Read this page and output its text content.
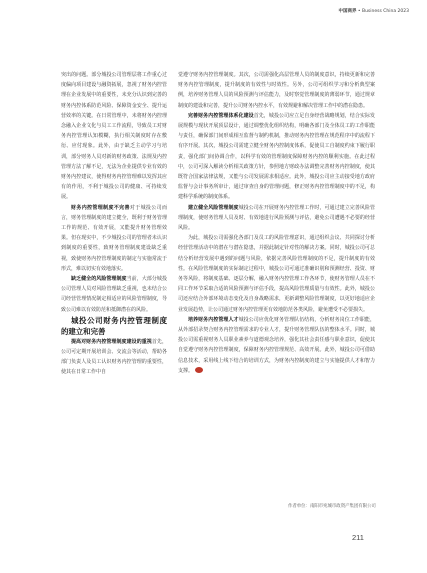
中国商界 • Business China 2023

突出的问题。部分城投公司管理层将工作重心过度偏向项目建设与融资拓展，忽视了财务内控管理在企业发展中的重要性，未充分认识到完善的财务内控体系防范风险、保障资金安全、提升运营效率的关键。在日常管理中，未将财务内控理念融入企业文化与员工工作流程，导致员工对财务内控管理认知模糊，执行相关制度时存在敷衍、应付现象。此外，由于缺乏主动学习与培训，部分财务人员对新的财务政策、法规及内控管理方法了解不足，无法为企业提供专业有效的财务内控建议，使得财务内控管理难以发挥其应有的作用，不利于城投公司的健康、可持续发展。

财务内控管理制度不完善对于城投公司而言，财务管理制度的建立健全，既利于财务管理工作的规范、有效开展，又能提升财务管理效果。但在现实中，不少城投公司的管理者未认识到制度的重要性，致财务管理制度建设缺乏重视，致使财务内控管理制度的制定与实施常流于形式，难以切实有效地落实。

缺乏健全的风险管理制度当前，大部分城投公司管理人员对风险管理缺乏重视，也未结合公司经营管理情况制定相适应的风险管理制度，导致公司难以有效防范和抵御潜在的风险。

城投公司财务内控管理制度的建立和完善

提高对财务内控管理制度建设的重视首先，公司可定期开展培训会、交流会等活动，帮助各部门负责人及员工认识财务内控管理的重要性，使其在日常工作中自

觉遵守财务内控管理制度。其次，公司需强化高层管理人员的制度意识，持续更新和完善财务内控管理制度，提升制度的有效性与时效性。另外，公司可组织学习和分析典型案例，培养财务管理人员的风险预测与评估能力，及时察觉管理制度的薄弱环节，通过规章制度的建设和完善，提升公司财务内控水平，有效规避和解决管理工作中的潜在隐患。

完善财务内控管理体系化建设首先，城投公司应立足自身经营战略规划，结合实际发展规模与现状开展顶层设计，通过调整优化组织结构，明确各部门及全体员工的工作职能与责任，确保部门间形成相互监督与制约机制，推动财务内控管理在规范程序中的流程下有序开展。其次，城投公司需建立健全财务内控制度体系，促使员工自制度约束下履行职责，强化部门间协调合作，以科学有效的管理制度保障财务内控的顺利实施。在此过程中，公司可深入解读分析相关政策方针，参照地方财政办法调整完善财务内控制度，使其既符合国家法律法规，又能与公司发展需求相适应。此外，城投公司应主动接受地方政府监督与会计事务所审计，通过审查自身的管理问题，修正财务内控管理制度中的不足，构建科学系统的制度体系。

建立健全风险管理制度城投公司在开展财务内控管理工作时，可通过建立完善风险管理制度，使财务管理人员及时、有效地进行风险预测与评估，避免公司遭遇不必要的经营风险。

为此，城投公司需强化各部门及员工的风险管理意识，通过组织会议、共同探讨分析经营管理活动中的潜在与潜在隐患，并据此制定针对性的解决方案。同时，城投公司可总结分析经营发展中遇到的问题与风险，依据完善风险管理制度的不足，提升制度的有效性。在风险管理制度的实际制定过程中，城投公司可通过准确识别和预测经营、投资、财务等风险，将制度基础、逐层分解，融入财务内控管理工作各环节，使财务管理人员在不同工作环节采取合适的风险预测与评估手段，提高风险管理质量与有效性。此外，城投公司还应结合外部环境动态变化及自身战略需求，更新调整风险管理制度，以更好地适应企业发展趋势，让公司通过财务内控管理更有效地防范各类风险，避免遭受不必要损失。

培养财务内控管理人才城投公司应优化财务管理队伍结构，分析财务岗位工作职能，从外部招录契合财务内控管理需求的专业人才，提升财务管理队伍的整体水平。同时，城投公司需重视财务人员职业素养与道德观念培养，强化其社会责任感与职业意识，促使其自觉遵守财务内控管理制度，保障财务内控管理规范、高效开展。此外，城投公司可借助信息技术，采用线上线下结合的培训方式，为财务内控制度的建立与实施提供人才和智力支撑。

作者单位：南阳市宛城市政资产集团有限公司
211
